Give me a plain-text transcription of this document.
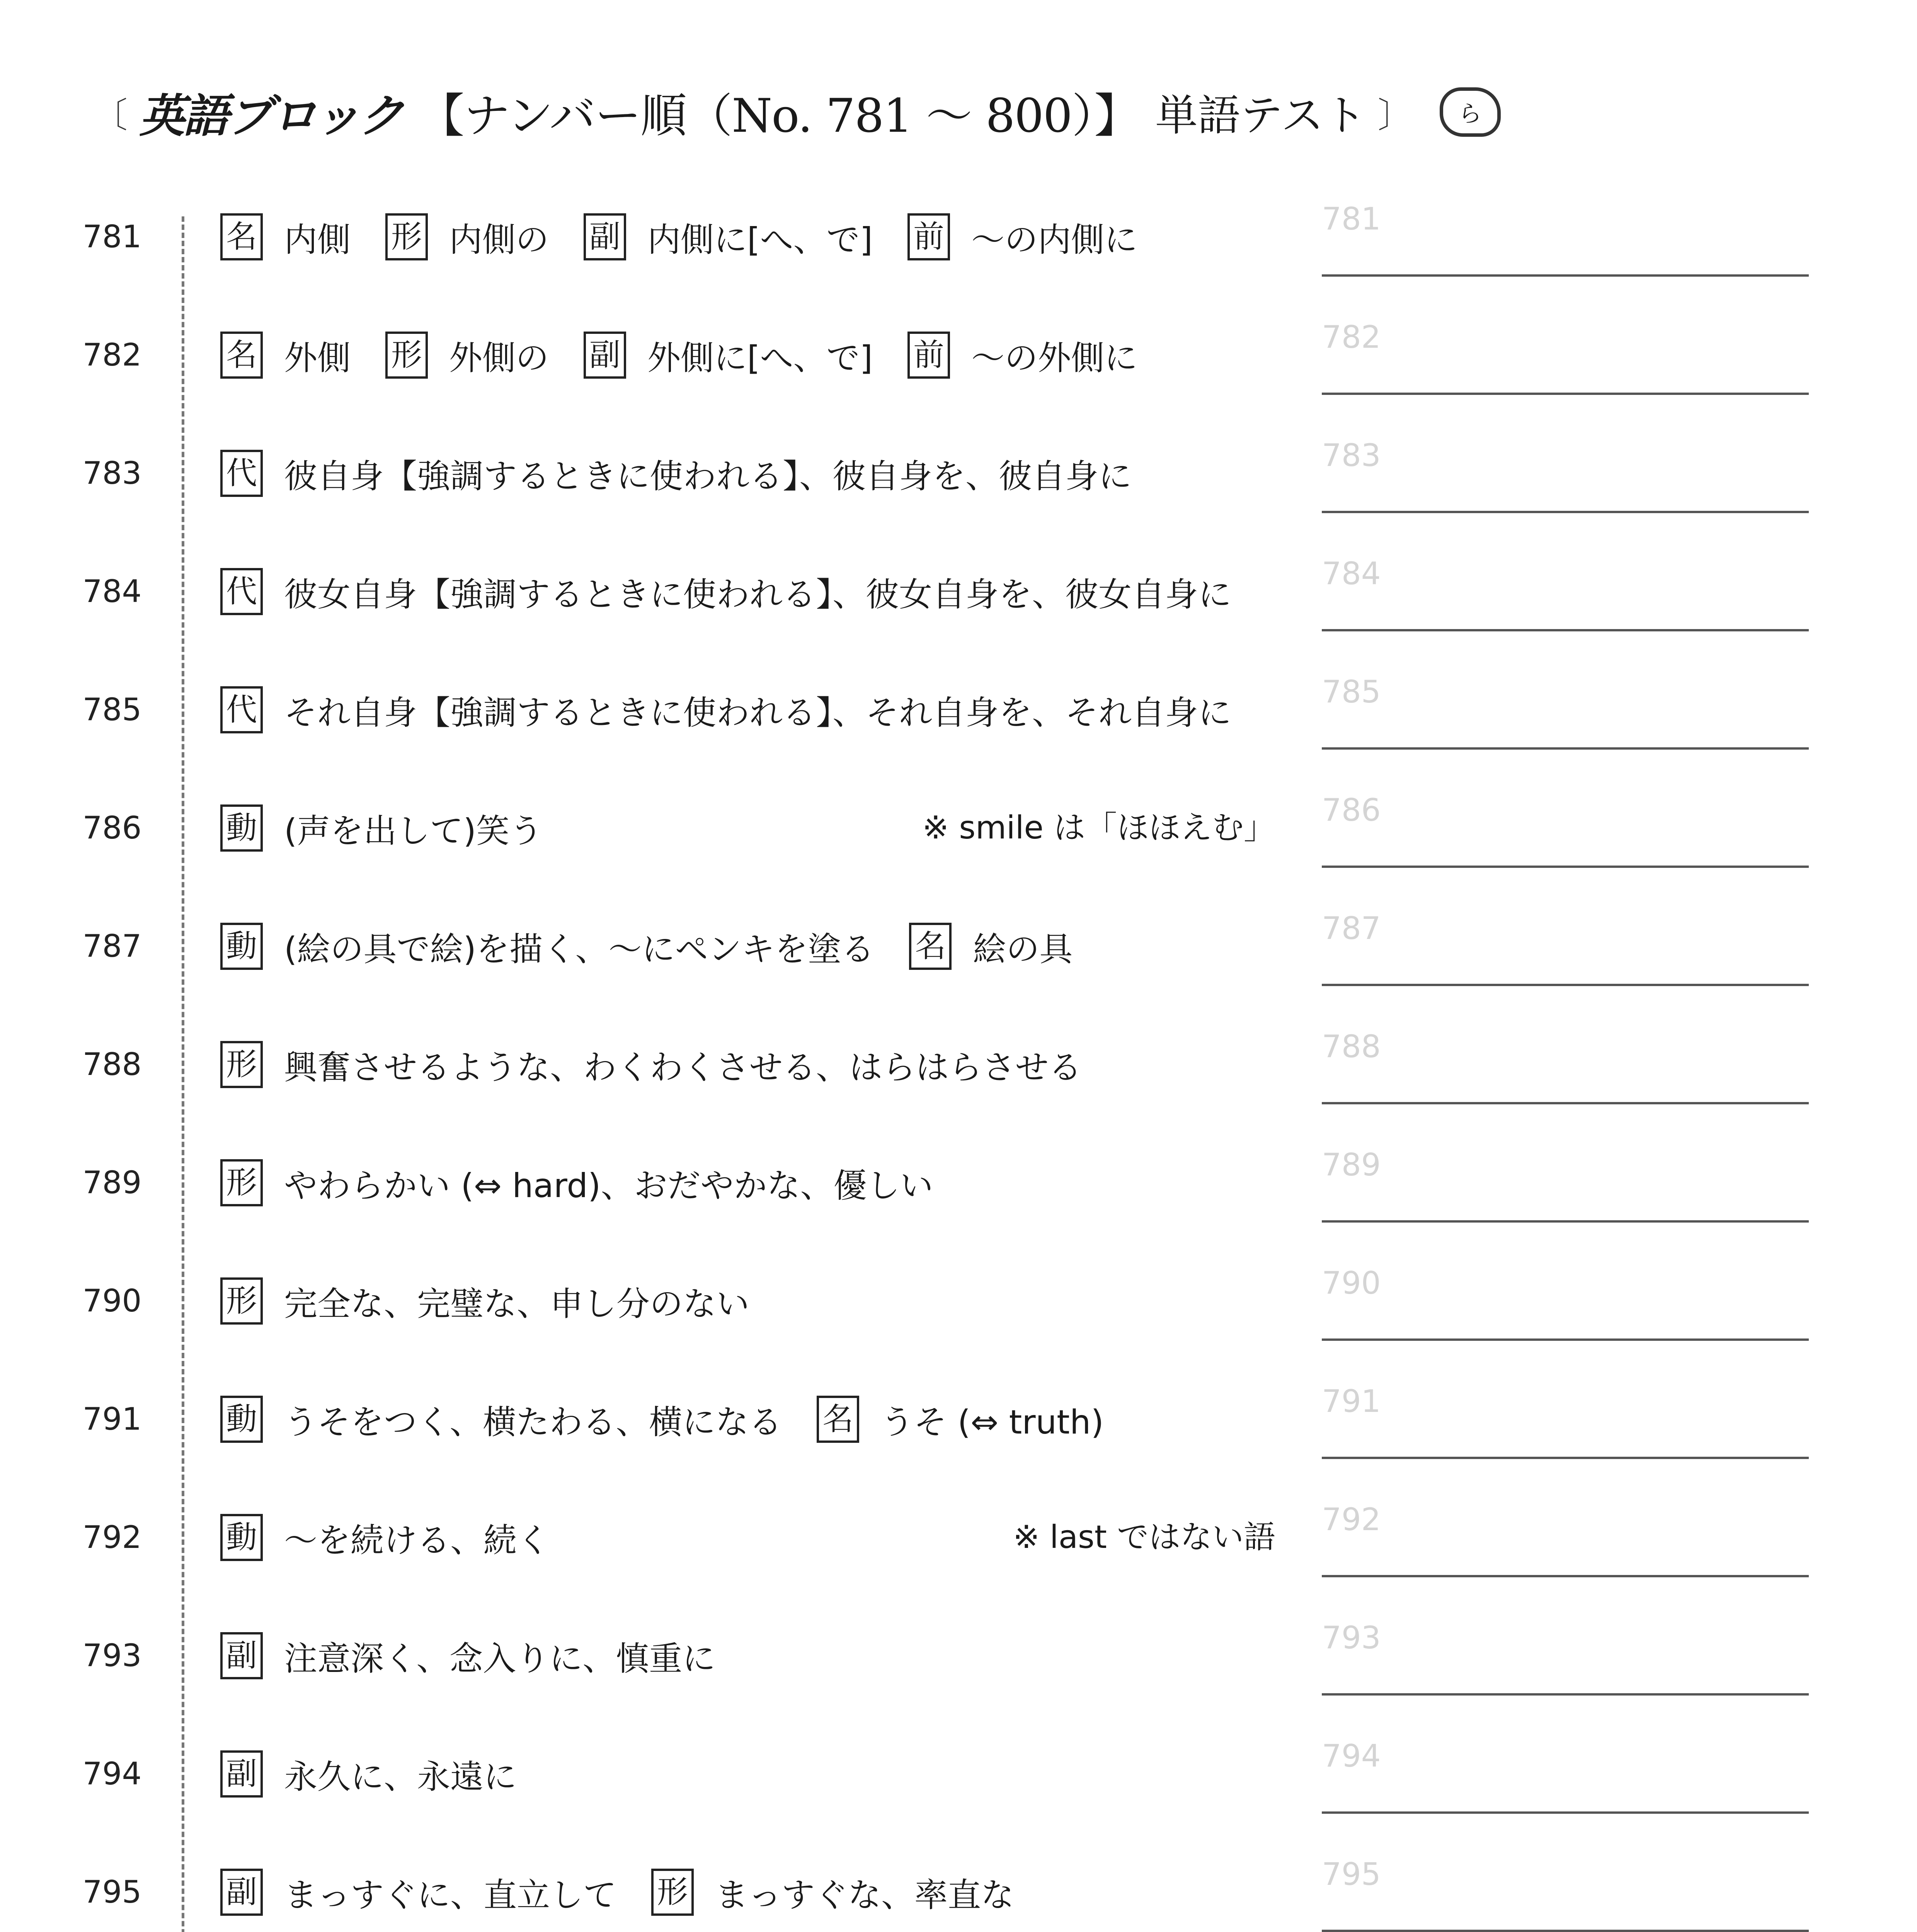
〔 英語ブロック 【ナンバー順（No. 781 ～ 800）】 単語テスト 〕 ら
781	名 内側 形 内側の 副 内側に[へ、で] 前 ～の内側に
781
782	名 外側 形 外側の 副 外側に[へ、で] 前 ～の外側に
782
783	代 彼自身【強調するときに使われる】、彼自身を、彼自身に
783
784	代 彼女自身【強調するときに使われる】、彼女自身を、彼女自身に
784
785	代 それ自身【強調するときに使われる】、それ自身を、それ自身に
785
786	動 (声を出して)笑う	※ smile は「ほほえむ」 786
787	動 (絵の具で絵)を描く、～にペンキを塗る 名 絵の具
787
788	形 興奮させるような、わくわくさせる、はらはらさせる
788
789	形 やわらかい (⇔ hard)、おだやかな、優しい
789
790	形 完全な、完璧な、申し分のない
790
791	動 うそをつく、横たわる、横になる 名 うそ (⇔ truth)
791
792	動 ～を続ける、続く	※ last ではない語 792
793	副 注意深く、念入りに、慎重に
793
794	副 永久に、永遠に
794
795	副 まっすぐに、直立して 形 まっすぐな、率直な
795
